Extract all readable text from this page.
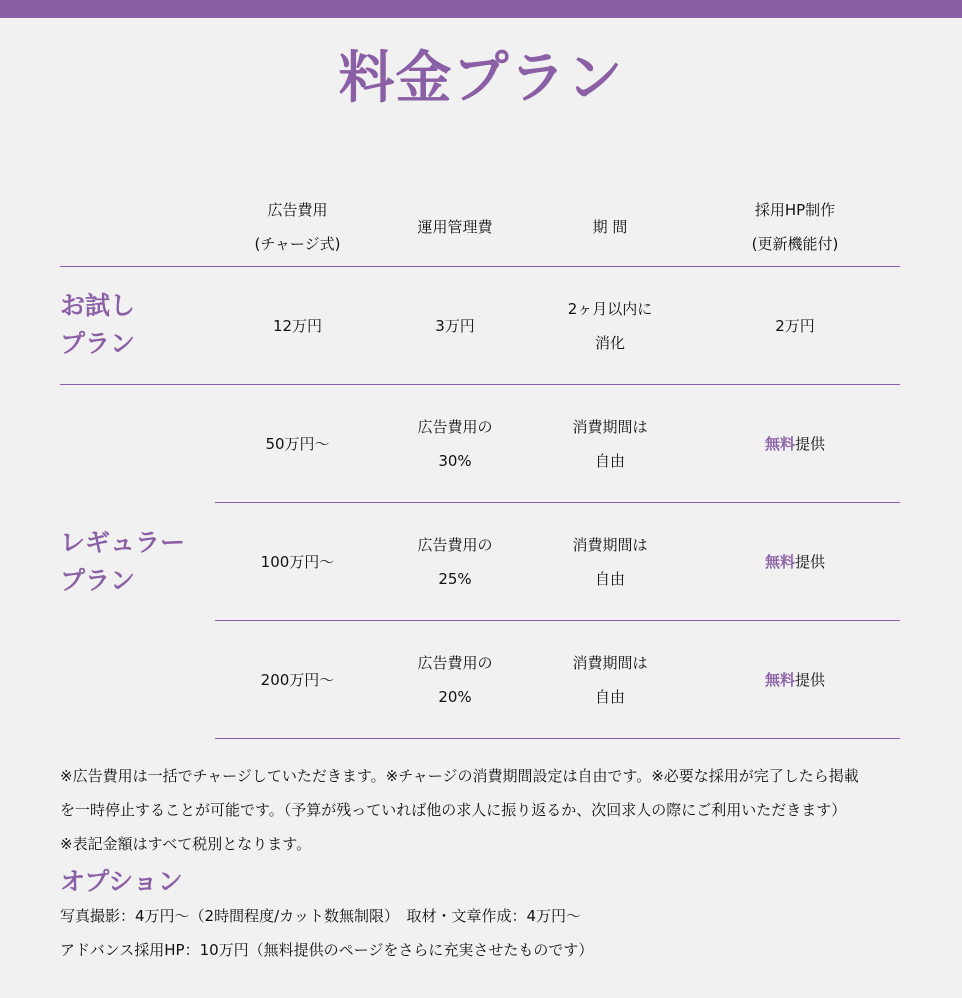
料金プラン
広告費用
(チャージ式)
運用管理費	期 間
採用HP制作
(更新機能付)
お試し
プラン
12万円	3万円
2ヶ月以内に
消化
2万円
レギュラー
プラン
50万円〜
広告費用の
30%
消費期間は
自由
無料提供
100万円〜
広告費用の
25%
消費期間は
自由
無料提供
200万円〜
広告費用の
20%
消費期間は
自由
無料提供
※広告費用は一括でチャージしていただきます。※チャージの消費期間設定は自由です。※必要な採用が完了したら掲載
を一時停止することが可能です。（予算が残っていれば他の求人に振り返るか、次回求人の際にご利用いただきます）
※表記金額はすべて税別となります。
オプション
写真撮影：4万円〜（2時間程度/カット数無制限）　取材・文章作成：4万円〜
アドバンス採用HP：10万円（無料提供のページをさらに充実させたものです）
